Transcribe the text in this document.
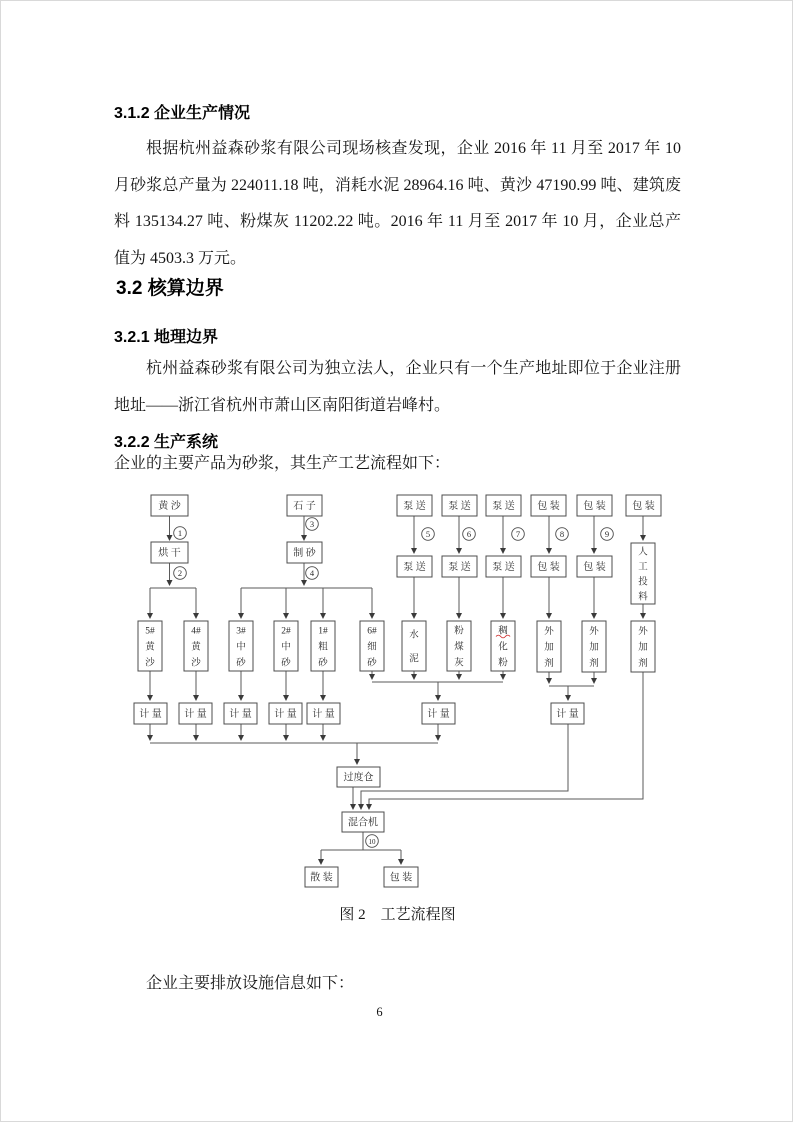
3.1.2 企业生产情况
根据杭州益森砂浆有限公司现场核查发现，企业 2016 年 11 月至 2017 年 10 月砂浆总产量为 224011.18 吨，消耗水泥 28964.16 吨、黄沙 47190.99 吨、建筑废料 135134.27 吨、粉煤灰 11202.22 吨。2016 年 11 月至 2017 年 10 月，企业总产值为 4503.3 万元。
3.2 核算边界
3.2.1 地理边界
杭州益森砂浆有限公司为独立法人，企业只有一个生产地址即位于企业注册地址——浙江省杭州市萧山区南阳街道岩峰村。
3.2.2 生产系统
企业的主要产品为砂浆，其生产工艺流程如下：
黄 沙	石 子	泵 送 泵 送 泵 送 包 装 包 装	包 装
烘 干	制 砂
泵 送 泵 送 泵 送 包 装 包 装
人
工
投
料
5#
黄
沙
4#
黄
沙
3#
中
砂
2#
中
砂
1#
粗
砂
6#
细
砂
水
泥
粉
煤
灰
稠
化
粉
外
加
剂
外
加
剂
外
加
剂
计 量 计 量 计 量 计 量 计 量	计 量	计 量
过度仓
混合机
散 装	包 装
1
2
3
4
5	6	7	8	9
10
图 2　工艺流程图
企业主要排放设施信息如下：
6
